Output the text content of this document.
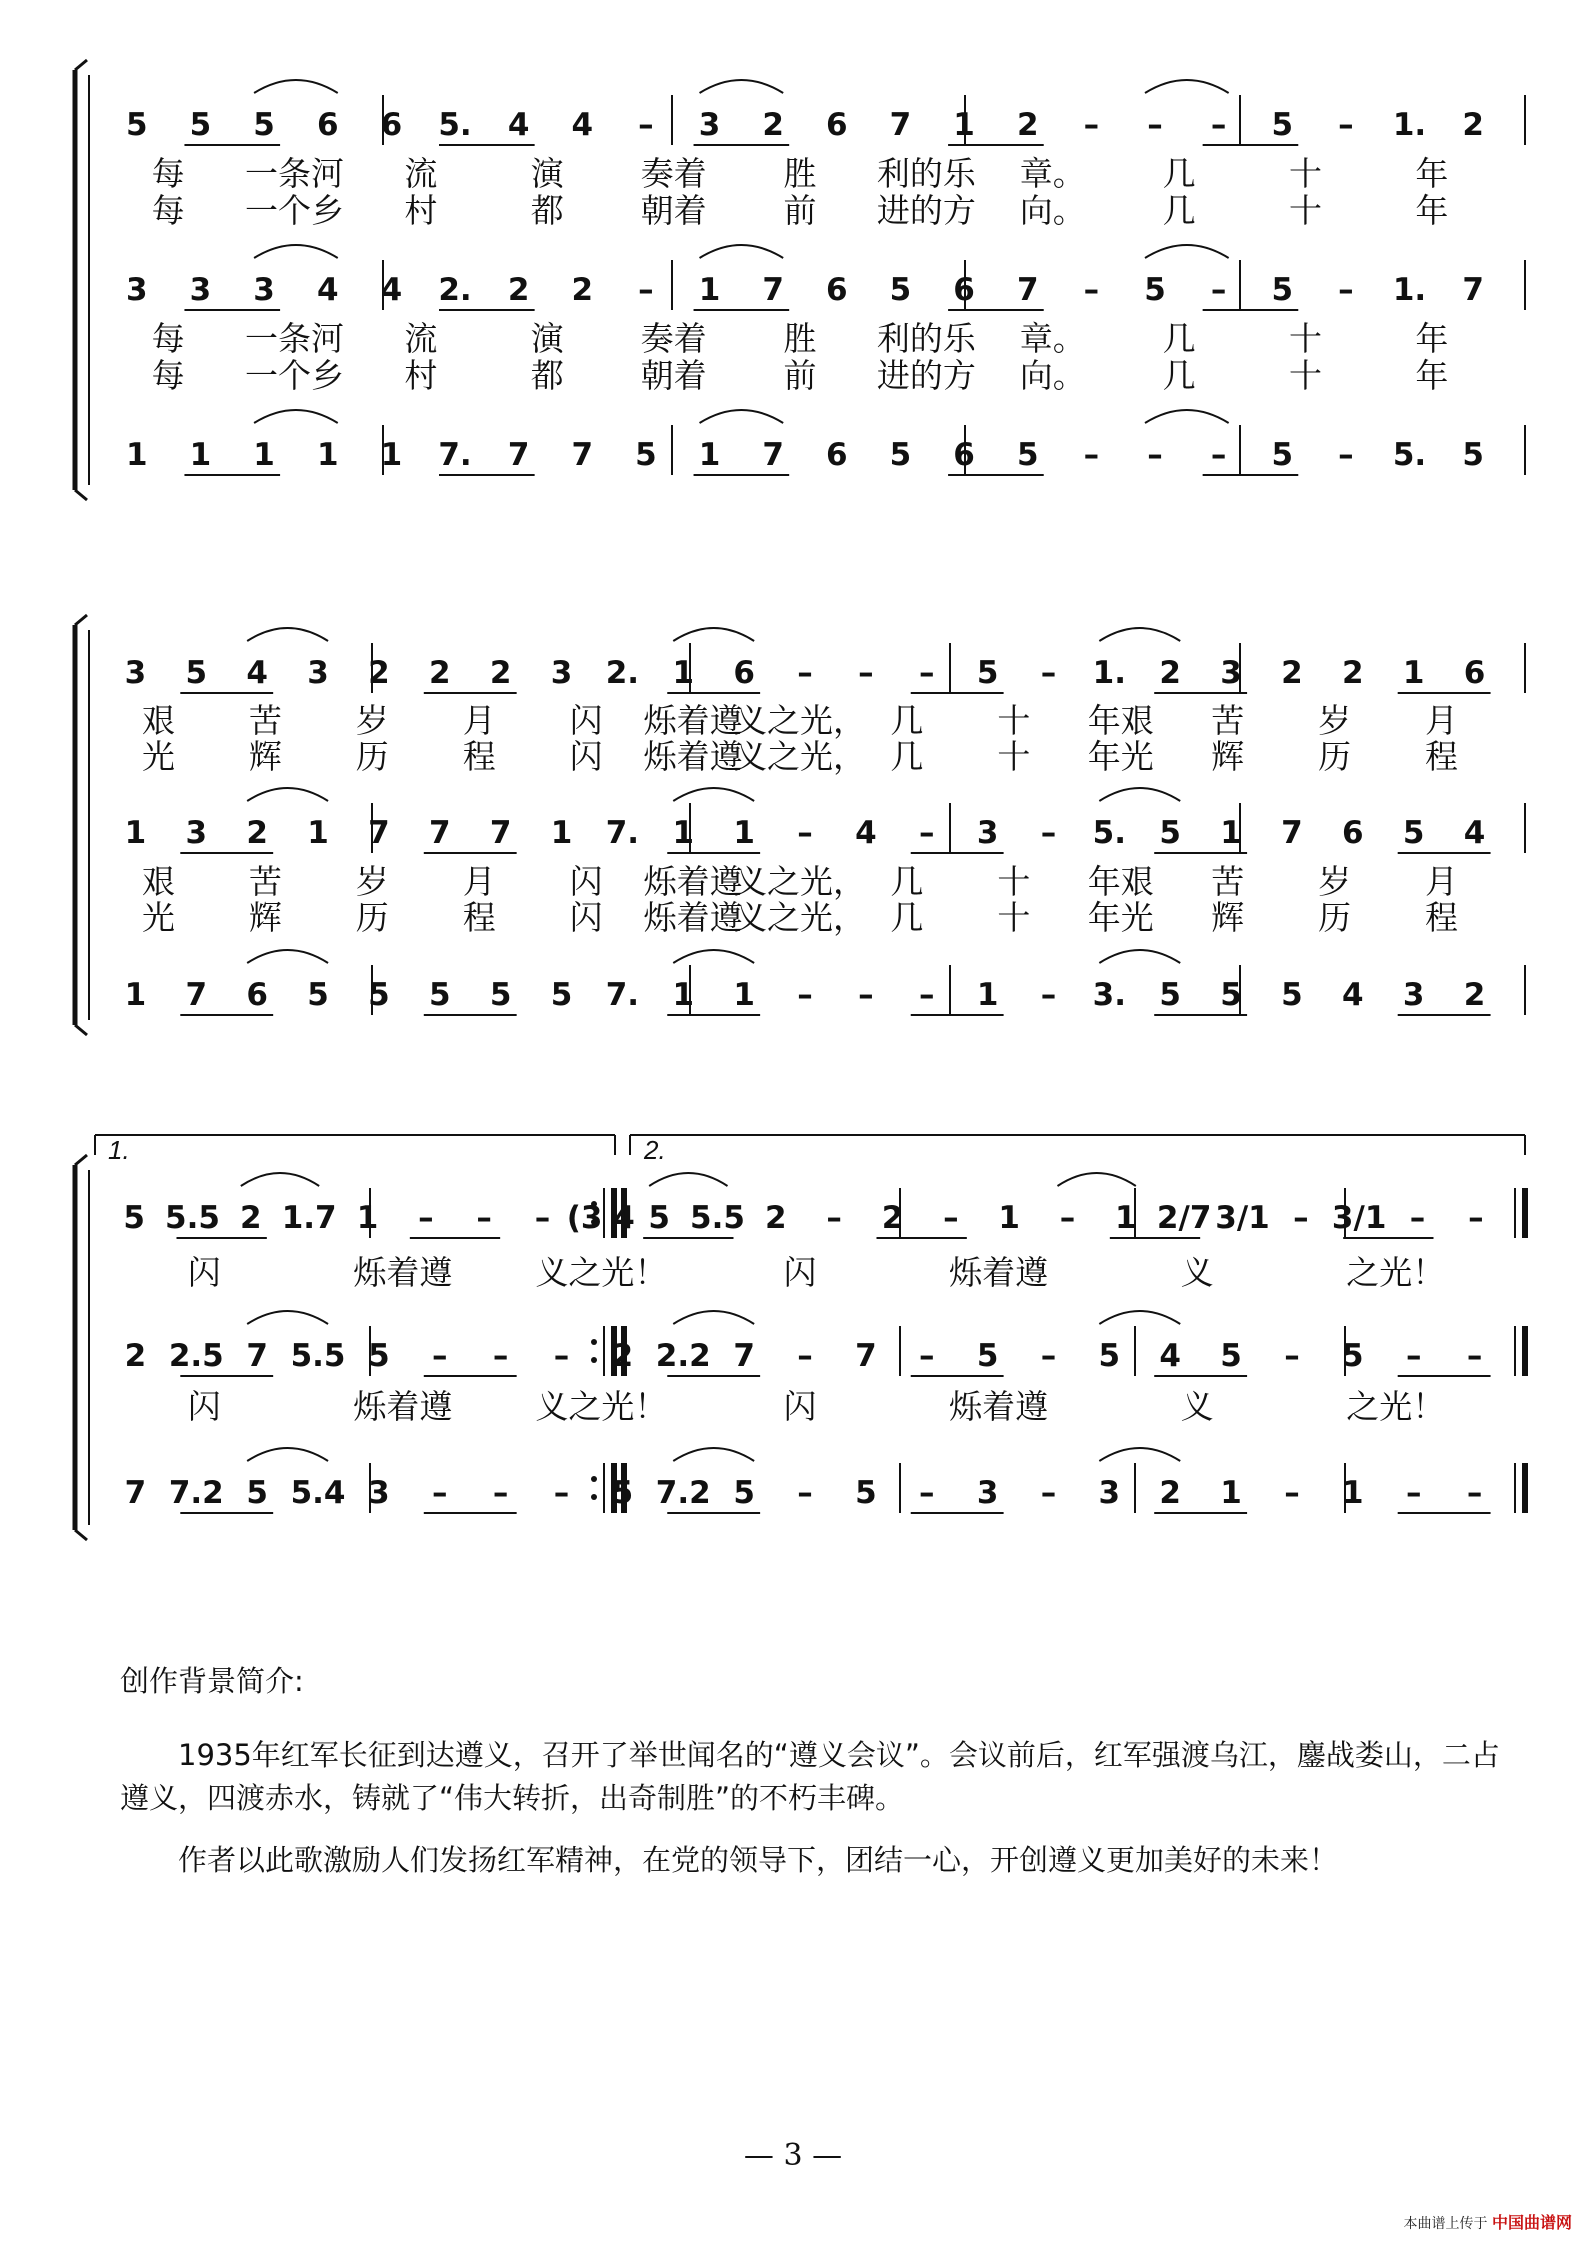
5 5 5 6 6 5. 4 4 – 3 2 6 7 1 2 – – – 5 – 1. 2
3 3 3 4 4 2. 2 2 – 1 7 6 5 6 7 – 5 – 5 – 1. 7
1 1 1 1 1 7. 7 7 5 1 7 6 5 6 5 – – – 5 – 5. 5
每 一条河 流	演 奏着 胜 利的乐 章。 几	十	年
每 一个乡 村	都 朝着 前 进的方 向。 几	十	年
每 一条河 流	演 奏着 胜 利的乐 章。 几	十	年
每 一个乡 村	都 朝着 前 进的方 向。 几	十	年
3 5 4 3 2 2 2 3 2. 1 6 – – – 5 – 1. 2 3 2 2 1 6
1 3 2 1 7 7 7 1 7. 1 1 – 4 – 3 – 5. 5 1 7 6 5 4
1 7 6 5 5 5 5 5 7. 1 1 – – – 1 – 3. 5 5 5 4 3 2
艰 苦 岁 月 闪 烁着遵
义之光， 几 十 年艰 苦 岁 月
光 辉 历 程 闪 烁着遵
义之光， 几 十 年光 辉 历 程
艰 苦 岁 月 闪 烁着遵
义之光， 几 十 年艰 苦 岁 月
光 辉 历 程 闪 烁着遵
义之光， 几 十 年光 辉 历 程
1.	2.
5 5.5 2 1.7 1 – – – (3 4 5 5.5 2 – 2 – 1 – 1 2/7 3/1 – 3/1 – –
2 2.5 7 5.5 5 – – – 2 2.2 7 – 7 – 5 – 5 4 5 – 5 – –
7 7.2 5 5.4 3 – – – 5 7.2 5 – 5 – 3 – 3 2 1 – 1 – –
闪	烁着遵	义之光！	闪	烁着遵	义	之光！
闪	烁着遵	义之光！	闪	烁着遵	义	之光！

创作背景简介:

1935年红军长征到达遵义，召开了举世闻名的“遵义会议”。会议前后，红军强渡乌江，鏖战娄山，二占遵义，四渡赤水，铸就了“伟大转折，出奇制胜”的不朽丰碑。

作者以此歌激励人们发扬红军精神，在党的领导下，团结一心，开创遵义更加美好的未来！

— 3 —
本曲谱上传于 中国曲谱网
